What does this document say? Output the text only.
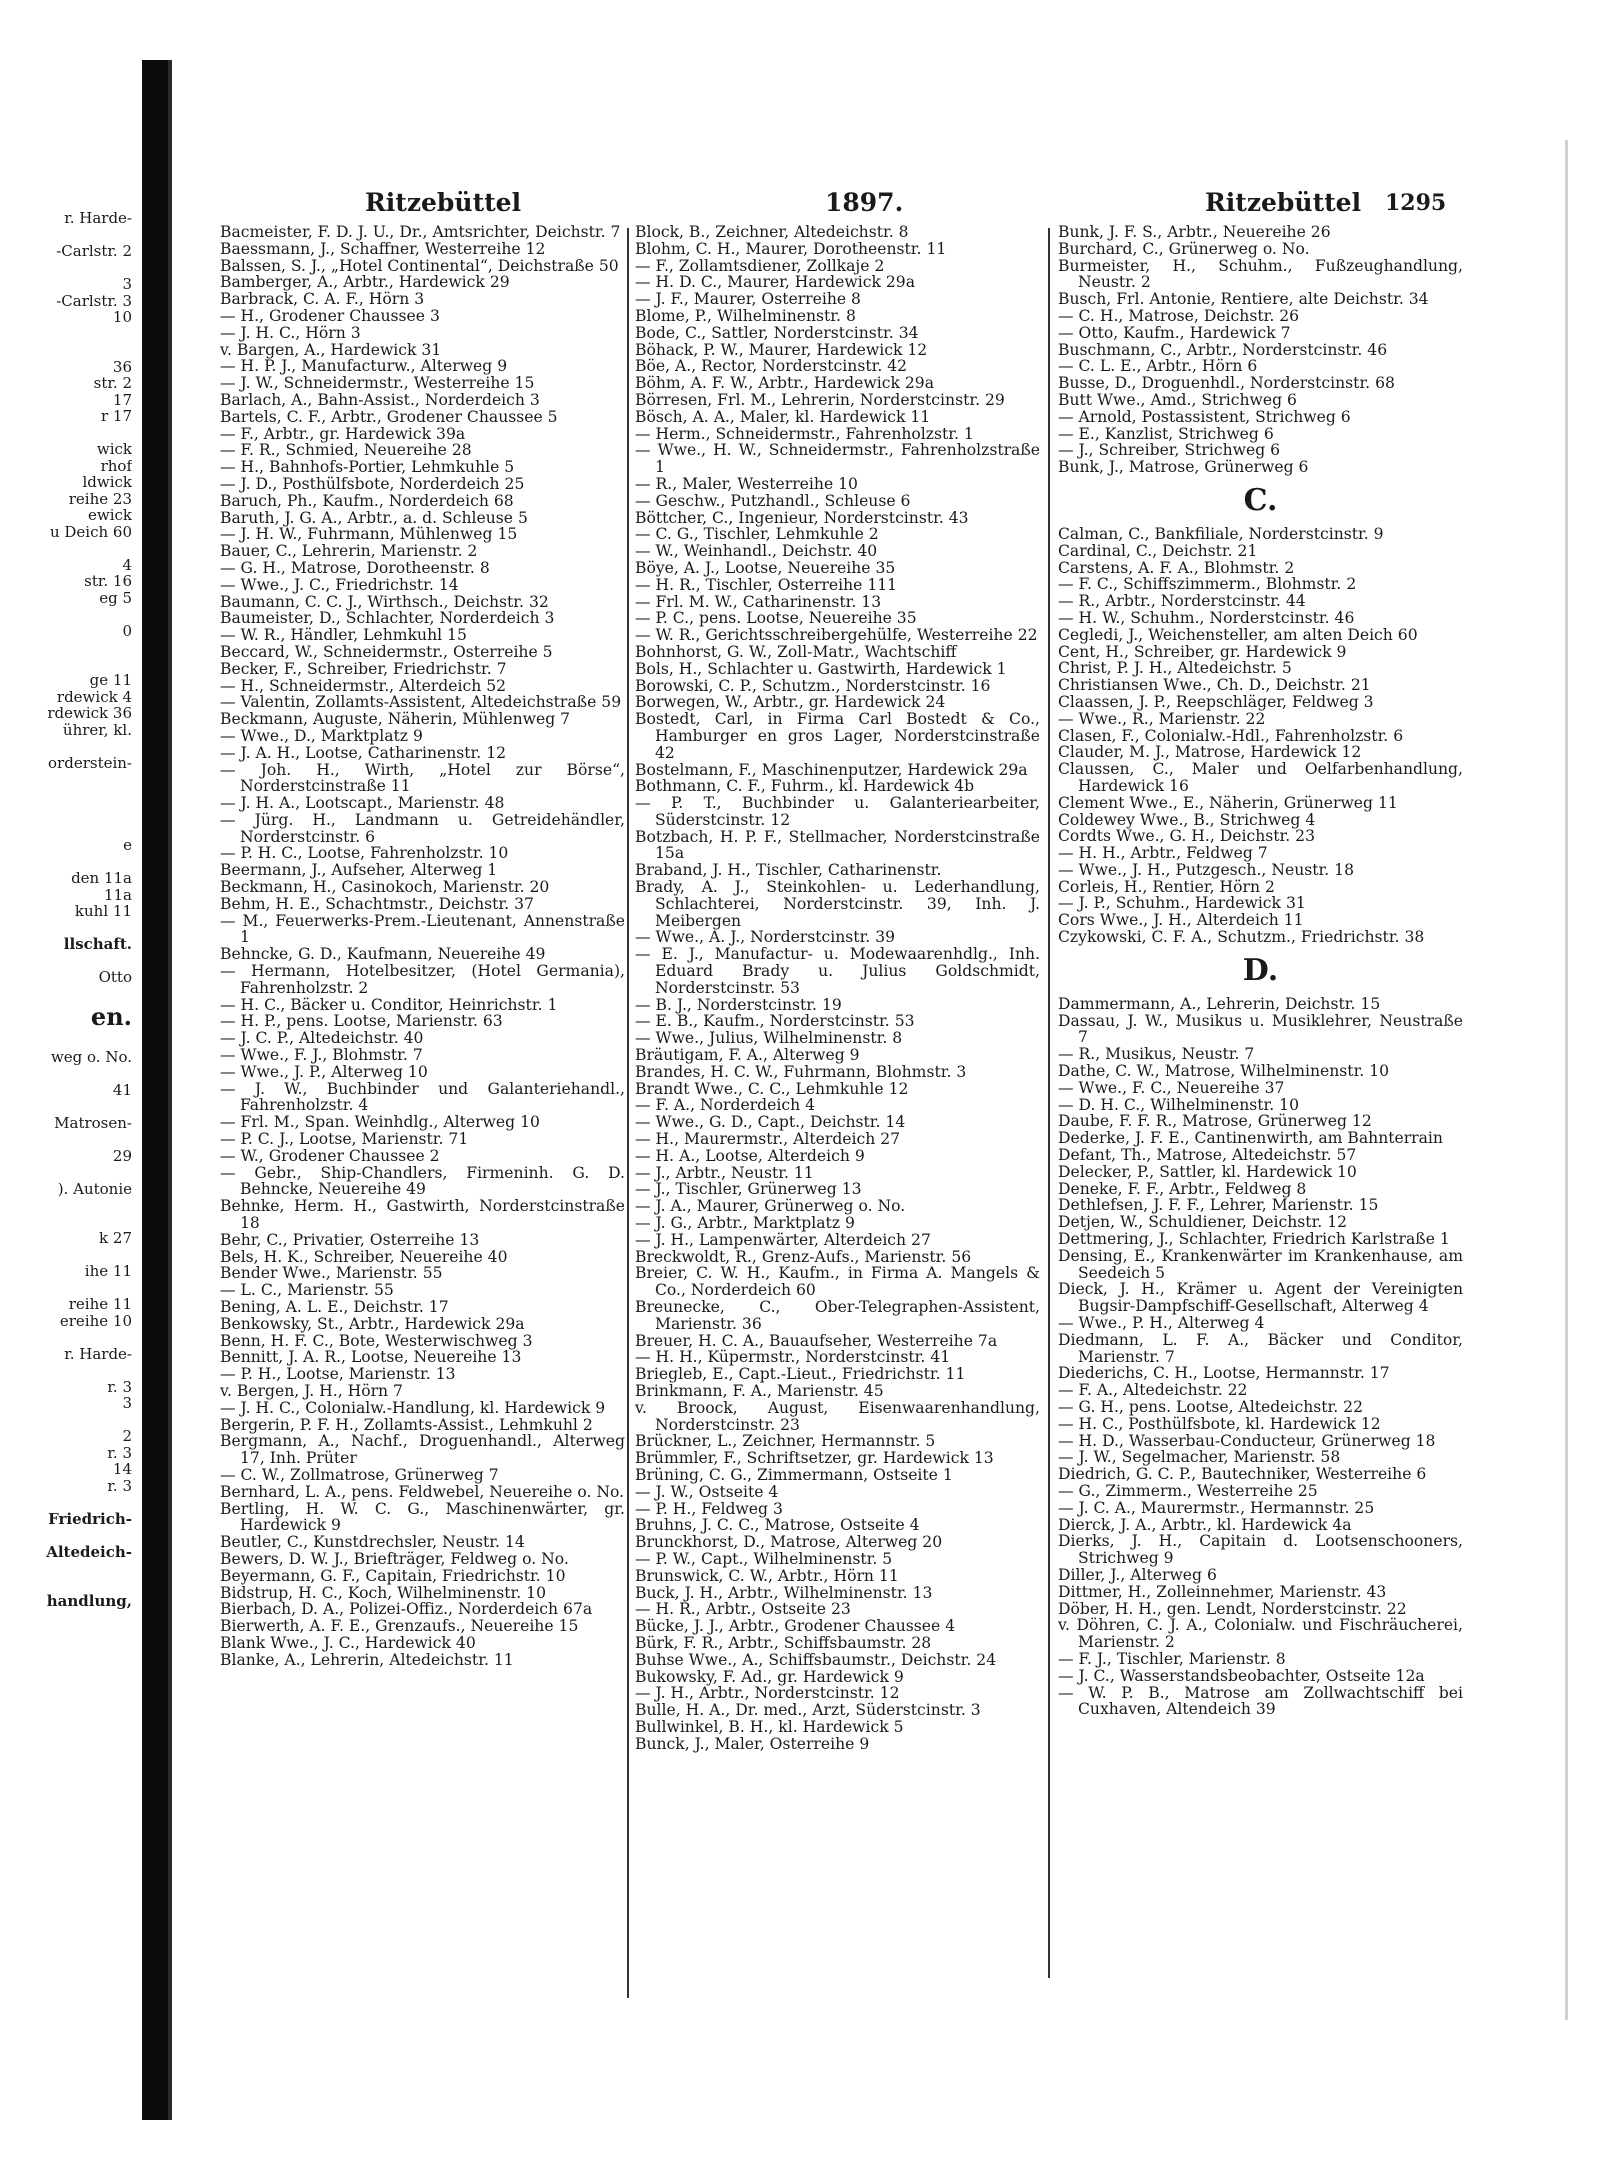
r. Harde-

-Carlstr. 2

3
-Carlstr. 3
10

36
str. 2
17
r 17

wick
rhof
ldwick
reihe 23
ewick
u Deich 60

4
str. 16
eg 5

0

ge 11
rdewick 4
rdewick 36
ührer, kl.

orderstein-

e

den 11a
11a
kuhl 11

llschaft.

Otto

en.

weg o. No.

41

Matrosen-

29

). Autonie

k 27

ihe 11

reihe 11
ereihe 10

r. Harde-

r. 3
3

2
r. 3
14
r. 3

Friedrich-

Altedeich-

handlung,
Ritzebüttel	1897.	Ritzebüttel 1295
Bacmeister, F. D. J. U., Dr., Amtsrichter, Deichstr. 7
Baessmann, J., Schaffner, Westerreihe 12
Balssen, S. J., „Hotel Continental“, Deichstraße 50
Bamberger, A., Arbtr., Hardewick 29
Barbrack, C. A. F., Hörn 3
— H., Grodener Chaussee 3
— J. H. C., Hörn 3
v. Bargen, A., Hardewick 31
— H. P. J., Manufacturw., Alterweg 9
— J. W., Schneidermstr., Westerreihe 15
Barlach, A., Bahn-Assist., Norderdeich 3
Bartels, C. F., Arbtr., Grodener Chaussee 5
— F., Arbtr., gr. Hardewick 39a
— F. R., Schmied, Neuereihe 28
— H., Bahnhofs-Portier, Lehmkuhle 5
— J. D., Posthülfsbote, Norderdeich 25
Baruch, Ph., Kaufm., Norderdeich 68
Baruth, J. G. A., Arbtr., a. d. Schleuse 5
— J. H. W., Fuhrmann, Mühlenweg 15
Bauer, C., Lehrerin, Marienstr. 2
— G. H., Matrose, Dorotheenstr. 8
— Wwe., J. C., Friedrichstr. 14
Baumann, C. C. J., Wirthsch., Deichstr. 32
Baumeister, D., Schlachter, Norderdeich 3
— W. R., Händler, Lehmkuhl 15
Beccard, W., Schneidermstr., Osterreihe 5
Becker, F., Schreiber, Friedrichstr. 7
— H., Schneidermstr., Alterdeich 52
— Valentin, Zollamts-Assistent, Altedeichstraße 59
Beckmann, Auguste, Näherin, Mühlenweg 7
— Wwe., D., Marktplatz 9
— J. A. H., Lootse, Catharinenstr. 12
— Joh. H., Wirth, „Hotel zur Börse“, Norderstcinstraße 11
— J. H. A., Lootscapt., Marienstr. 48
— Jürg. H., Landmann u. Getreidehändler, Norderstcinstr. 6
— P. H. C., Lootse, Fahrenholzstr. 10
Beermann, J., Aufseher, Alterweg 1
Beckmann, H., Casinokoch, Marienstr. 20
Behm, H. E., Schachtmstr., Deichstr. 37
— M., Feuerwerks-Prem.-Lieutenant, Annenstraße 1
Behncke, G. D., Kaufmann, Neuereihe 49
— Hermann, Hotelbesitzer, (Hotel Germania), Fahrenholzstr. 2
— H. C., Bäcker u. Conditor, Heinrichstr. 1
— H. P., pens. Lootse, Marienstr. 63
— J. C. P., Altedeichstr. 40
— Wwe., F. J., Blohmstr. 7
— Wwe., J. P., Alterweg 10
— J. W., Buchbinder und Galanteriehandl., Fahrenholzstr. 4
— Frl. M., Span. Weinhdlg., Alterweg 10
— P. C. J., Lootse, Marienstr. 71
— W., Grodener Chaussee 2
— Gebr., Ship-Chandlers, Firmeninh. G. D. Behncke, Neuereihe 49
Behnke, Herm. H., Gastwirth, Norderstcinstraße 18
Behr, C., Privatier, Osterreihe 13
Bels, H. K., Schreiber, Neuereihe 40
Bender Wwe., Marienstr. 55
— L. C., Marienstr. 55
Bening, A. L. E., Deichstr. 17
Benkowsky, St., Arbtr., Hardewick 29a
Benn, H. F. C., Bote, Westerwischweg 3
Bennitt, J. A. R., Lootse, Neuereihe 13
— P. H., Lootse, Marienstr. 13
v. Bergen, J. H., Hörn 7
— J. H. C., Colonialw.-Handlung, kl. Hardewick 9
Bergerin, P. F. H., Zollamts-Assist., Lehmkuhl 2
Bergmann, A., Nachf., Droguenhandl., Alterweg 17, Inh. Prüter
— C. W., Zollmatrose, Grünerweg 7
Bernhard, L. A., pens. Feldwebel, Neuereihe o. No.
Bertling, H. W. C. G., Maschinenwärter, gr. Hardewick 9
Beutler, C., Kunstdrechsler, Neustr. 14
Bewers, D. W. J., Briefträger, Feldweg o. No.
Beyermann, G. F., Capitain, Friedrichstr. 10
Bidstrup, H. C., Koch, Wilhelminenstr. 10
Bierbach, D. A., Polizei-Offiz., Norderdeich 67a
Bierwerth, A. F. E., Grenzaufs., Neuereihe 15
Blank Wwe., J. C., Hardewick 40
Blanke, A., Lehrerin, Altedeichstr. 11
Block, B., Zeichner, Altedeichstr. 8
Blohm, C. H., Maurer, Dorotheenstr. 11
— F., Zollamtsdiener, Zollkaje 2
— H. D. C., Maurer, Hardewick 29a
— J. F., Maurer, Osterreihe 8
Blome, P., Wilhelminenstr. 8
Bode, C., Sattler, Norderstcinstr. 34
Böhack, P. W., Maurer, Hardewick 12
Böe, A., Rector, Norderstcinstr. 42
Böhm, A. F. W., Arbtr., Hardewick 29a
Börresen, Frl. M., Lehrerin, Norderstcinstr. 29
Bösch, A. A., Maler, kl. Hardewick 11
— Herm., Schneidermstr., Fahrenholzstr. 1
— Wwe., H. W., Schneidermstr., Fahrenholzstraße 1
— R., Maler, Westerreihe 10
— Geschw., Putzhandl., Schleuse 6
Böttcher, C., Ingenieur, Norderstcinstr. 43
— C. G., Tischler, Lehmkuhle 2
— W., Weinhandl., Deichstr. 40
Böye, A. J., Lootse, Neuereihe 35
— H. R., Tischler, Osterreihe 111
— Frl. M. W., Catharinenstr. 13
— P. C., pens. Lootse, Neuereihe 35
— W. R., Gerichtsschreibergehülfe, Westerreihe 22
Bohnhorst, G. W., Zoll-Matr., Wachtschiff
Bols, H., Schlachter u. Gastwirth, Hardewick 1
Borowski, C. P., Schutzm., Norderstcinstr. 16
Borwegen, W., Arbtr., gr. Hardewick 24
Bostedt, Carl, in Firma Carl Bostedt & Co., Hamburger en gros Lager, Norderstcinstraße 42
Bostelmann, F., Maschinenputzer, Hardewick 29a
Bothmann, C. F., Fuhrm., kl. Hardewick 4b
— P. T., Buchbinder u. Galanteriearbeiter, Süderstcinstr. 12
Botzbach, H. P. F., Stellmacher, Norderstcinstraße 15a
Braband, J. H., Tischler, Catharinenstr.
Brady, A. J., Steinkohlen- u. Lederhandlung, Schlachterei, Norderstcinstr. 39, Inh. J. Meibergen
— Wwe., A. J., Norderstcinstr. 39
— E. J., Manufactur- u. Modewaarenhdlg., Inh. Eduard Brady u. Julius Goldschmidt, Norderstcinstr. 53
— B. J., Norderstcinstr. 19
— E. B., Kaufm., Norderstcinstr. 53
— Wwe., Julius, Wilhelminenstr. 8
Bräutigam, F. A., Alterweg 9
Brandes, H. C. W., Fuhrmann, Blohmstr. 3
Brandt Wwe., C. C., Lehmkuhle 12
— F. A., Norderdeich 4
— Wwe., G. D., Capt., Deichstr. 14
— H., Maurermstr., Alterdeich 27
— H. A., Lootse, Alterdeich 9
— J., Arbtr., Neustr. 11
— J., Tischler, Grünerweg 13
— J. A., Maurer, Grünerweg o. No.
— J. G., Arbtr., Marktplatz 9
— J. H., Lampenwärter, Alterdeich 27
Breckwoldt, R., Grenz-Aufs., Marienstr. 56
Breier, C. W. H., Kaufm., in Firma A. Mangels & Co., Norderdeich 60
Breunecke, C., Ober-Telegraphen-Assistent, Marienstr. 36
Breuer, H. C. A., Bauaufseher, Westerreihe 7a
— H. H., Küpermstr., Norderstcinstr. 41
Briegleb, E., Capt.-Lieut., Friedrichstr. 11
Brinkmann, F. A., Marienstr. 45
v. Broock, August, Eisenwaarenhandlung, Norderstcinstr. 23
Brückner, L., Zeichner, Hermannstr. 5
Brümmler, F., Schriftsetzer, gr. Hardewick 13
Brüning, C. G., Zimmermann, Ostseite 1
— J. W., Ostseite 4
— P. H., Feldweg 3
Bruhns, J. C. C., Matrose, Ostseite 4
Brunckhorst, D., Matrose, Alterweg 20
— P. W., Capt., Wilhelminenstr. 5
Brunswick, C. W., Arbtr., Hörn 11
Buck, J. H., Arbtr., Wilhelminenstr. 13
— H. R., Arbtr., Ostseite 23
Bücke, J. J., Arbtr., Grodener Chaussee 4
Bürk, F. R., Arbtr., Schiffsbaumstr. 28
Buhse Wwe., A., Schiffsbaumstr., Deichstr. 24
Bukowsky, F. Ad., gr. Hardewick 9
— J. H., Arbtr., Norderstcinstr. 12
Bulle, H. A., Dr. med., Arzt, Süderstcinstr. 3
Bullwinkel, B. H., kl. Hardewick 5
Bunck, J., Maler, Osterreihe 9
Bunk, J. F. S., Arbtr., Neuereihe 26
Burchard, C., Grünerweg o. No.
Burmeister, H., Schuhm., Fußzeughandlung, Neustr. 2
Busch, Frl. Antonie, Rentiere, alte Deichstr. 34
— C. H., Matrose, Deichstr. 26
— Otto, Kaufm., Hardewick 7
Buschmann, C., Arbtr., Norderstcinstr. 46
— C. L. E., Arbtr., Hörn 6
Busse, D., Droguenhdl., Norderstcinstr. 68
Butt Wwe., Amd., Strichweg 6
— Arnold, Postassistent, Strichweg 6
— E., Kanzlist, Strichweg 6
— J., Schreiber, Strichweg 6
Bunk, J., Matrose, Grünerweg 6
C.
Calman, C., Bankfiliale, Norderstcinstr. 9
Cardinal, C., Deichstr. 21
Carstens, A. F. A., Blohmstr. 2
— F. C., Schiffszimmerm., Blohmstr. 2
— R., Arbtr., Norderstcinstr. 44
— H. W., Schuhm., Norderstcinstr. 46
Cegledi, J., Weichensteller, am alten Deich 60
Cent, H., Schreiber, gr. Hardewick 9
Christ, P. J. H., Altedeichstr. 5
Christiansen Wwe., Ch. D., Deichstr. 21
Claassen, J. P., Reepschläger, Feldweg 3
— Wwe., R., Marienstr. 22
Clasen, F., Colonialw.-Hdl., Fahrenholzstr. 6
Clauder, M. J., Matrose, Hardewick 12
Claussen, C., Maler und Oelfarbenhandlung, Hardewick 16
Clement Wwe., E., Näherin, Grünerweg 11
Coldewey Wwe., B., Strichweg 4
Cordts Wwe., G. H., Deichstr. 23
— H. H., Arbtr., Feldweg 7
— Wwe., J. H., Putzgesch., Neustr. 18
Corleis, H., Rentier, Hörn 2
— J. P., Schuhm., Hardewick 31
Cors Wwe., J. H., Alterdeich 11
Czykowski, C. F. A., Schutzm., Friedrichstr. 38
D.
Dammermann, A., Lehrerin, Deichstr. 15
Dassau, J. W., Musikus u. Musiklehrer, Neustraße 7
— R., Musikus, Neustr. 7
Dathe, C. W., Matrose, Wilhelminenstr. 10
— Wwe., F. C., Neuereihe 37
— D. H. C., Wilhelminenstr. 10
Daube, F. F. R., Matrose, Grünerweg 12
Dederke, J. F. E., Cantinenwirth, am Bahnterrain
Defant, Th., Matrose, Altedeichstr. 57
Delecker, P., Sattler, kl. Hardewick 10
Deneke, F. F., Arbtr., Feldweg 8
Dethlefsen, J. F. F., Lehrer, Marienstr. 15
Detjen, W., Schuldiener, Deichstr. 12
Dettmering, J., Schlachter, Friedrich Karlstraße 1
Densing, E., Krankenwärter im Krankenhause, am Seedeich 5
Dieck, J. H., Krämer u. Agent der Vereinigten Bugsir-Dampfschiff-Gesellschaft, Alterweg 4
— Wwe., P. H., Alterweg 4
Diedmann, L. F. A., Bäcker und Conditor, Marienstr. 7
Diederichs, C. H., Lootse, Hermannstr. 17
— F. A., Altedeichstr. 22
— G. H., pens. Lootse, Altedeichstr. 22
— H. C., Posthülfsbote, kl. Hardewick 12
— H. D., Wasserbau-Conducteur, Grünerweg 18
— J. W., Segelmacher, Marienstr. 58
Diedrich, G. C. P., Bautechniker, Westerreihe 6
— G., Zimmerm., Westerreihe 25
— J. C. A., Maurermstr., Hermannstr. 25
Dierck, J. A., Arbtr., kl. Hardewick 4a
Dierks, J. H., Capitain d. Lootsenschooners, Strichweg 9
Diller, J., Alterweg 6
Dittmer, H., Zolleinnehmer, Marienstr. 43
Döber, H. H., gen. Lendt, Norderstcinstr. 22
v. Döhren, C. J. A., Colonialw. und Fischräucherei, Marienstr. 2
— F. J., Tischler, Marienstr. 8
— J. C., Wasserstandsbeobachter, Ostseite 12a
— W. P. B., Matrose am Zollwachtschiff bei Cuxhaven, Altendeich 39
